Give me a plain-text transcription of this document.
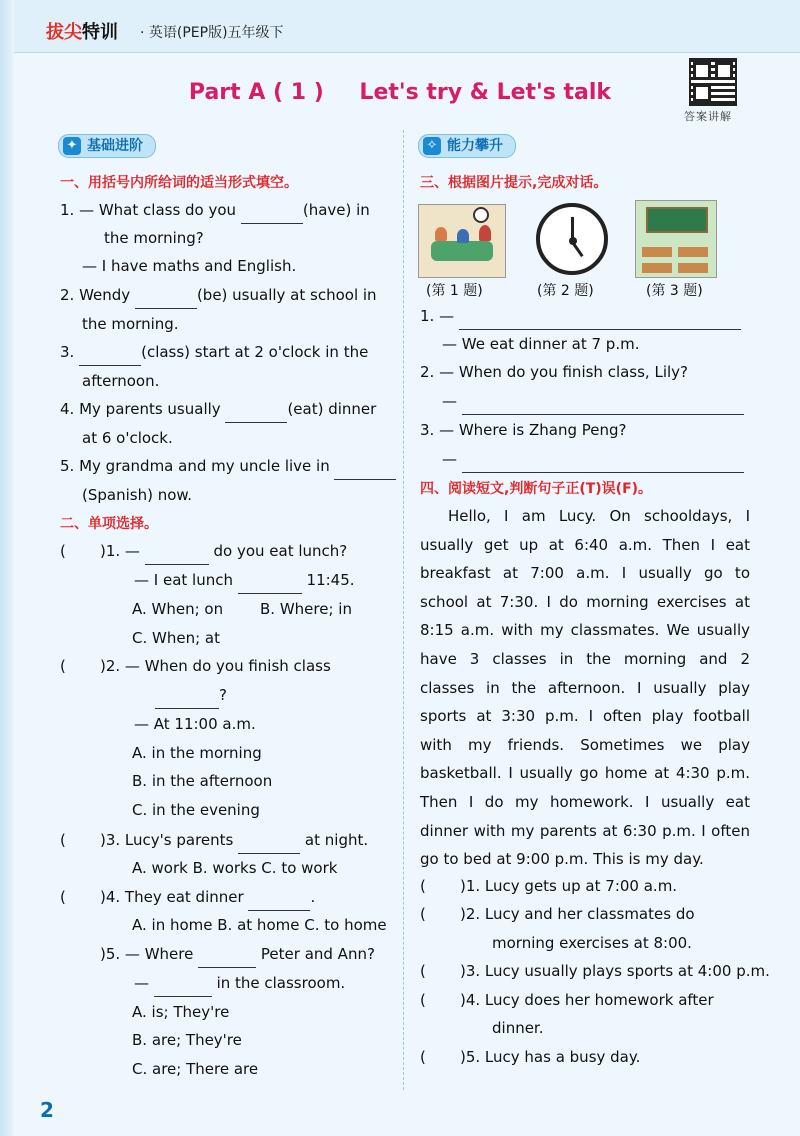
拔尖特训 · 英语(PEP版)五年级下
Part A ( 1 ) Let's try & Let's talk
答案讲解
✦ 基础进阶
一、用括号内所给词的适当形式填空。
1. — What class do you	(have) in
the morning?
— I have maths and English.
2. Wendy	(be) usually at school in
the morning.
3.	(class) start at 2 o'clock in the
afternoon.
4. My parents usually	(eat) dinner
at 6 o'clock.
5. My grandma and my uncle live in
(Spanish) now.
二、单项选择。
( )1. —	do you eat lunch?
— I eat lunch	11:45.
A. When; on B. Where; in
C. When; at
( )2. — When do you finish class
?
— At 11:00 a.m.
A. in the morning
B. in the afternoon
C. in the evening
( )3. Lucy's parents	at night.
A. work B. works C. to work
( )4. They eat dinner	.
A. in home B. at home C. to home
)5. — Where	Peter and Ann?
—	in the classroom.
A. is; They're
B. are; They're
C. are; There are
✧ 能力攀升
三、根据图片提示,完成对话。
(第 1 题)	(第 2 题)	(第 3 题)
1. —
— We eat dinner at 7 p.m.
2. — When do you finish class, Lily?
—
3. — Where is Zhang Peng?
—
四、阅读短文,判断句子正(T)误(F)。
Hello, I am Lucy. On schooldays, I usually get up at 6:40 a.m. Then I eat breakfast at 7:00 a.m. I usually go to school at 7:30. I do morning exercises at 8:15 a.m. with my classmates. We usually have 3 classes in the morning and 2 classes in the afternoon. I usually play sports at 3:30 p.m. I often play football with my friends. Sometimes we play basketball. I usually go home at 4:30 p.m. Then I do my homework. I usually eat dinner with my parents at 6:30 p.m. I often go to bed at 9:00 p.m. This is my day.
( )1. Lucy gets up at 7:00 a.m.
( )2. Lucy and her classmates do
morning exercises at 8:00.
( )3. Lucy usually plays sports at 4:00 p.m.
( )4. Lucy does her homework after
dinner.
( )5. Lucy has a busy day.
2
